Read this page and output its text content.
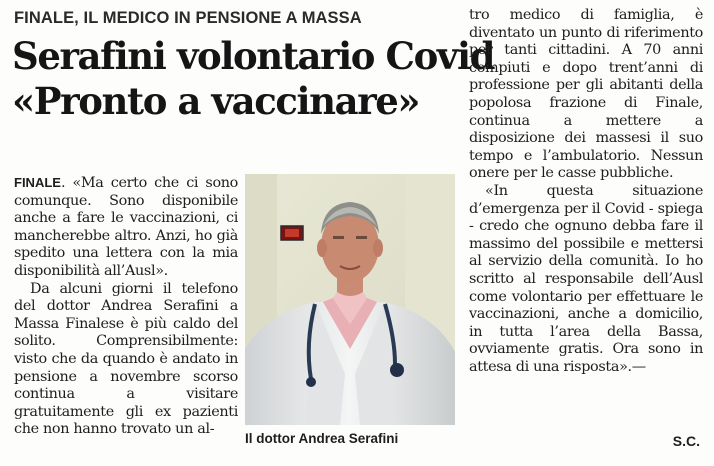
FINALE, IL MEDICO IN PENSIONE A MASSA
Serafini volontario Covid
«Pronto a vaccinare»

FINALE. «Ma certo che ci sono comunque. Sono disponibile anche a fare le vaccinazioni, ci mancherebbe altro. Anzi, ho già spedito una lettera con la mia disponibilità all’Ausl».

Da alcuni giorni il telefono del dottor Andrea Serafini a Massa Finalese è più caldo del solito. Comprensibilmente: visto che da quando è andato in pensione a novembre scorso continua a visitare gratuitamente gli ex pazienti che non hanno trovato un al-

Il dottor Andrea Serafini

tro medico di famiglia, è diventato un punto di riferimento per tanti cittadini. A 70 anni compiuti e dopo trent’anni di professione per gli abitanti della popolosa frazione di Finale, continua a mettere a disposizione dei massesi il suo tempo e l’ambulatorio. Nessun onere per le casse pubbliche.

«In questa situazione d’emergenza per il Covid - spiega - credo che ognuno debba fare il massimo del possibile e mettersi al servizio della comunità. Io ho scritto al responsabile dell’Ausl come volontario per effettuare le vaccinazioni, anche a domicilio, in tutta l’area della Bassa, ovviamente gratis. Ora sono in attesa di una risposta».—

S.C.
